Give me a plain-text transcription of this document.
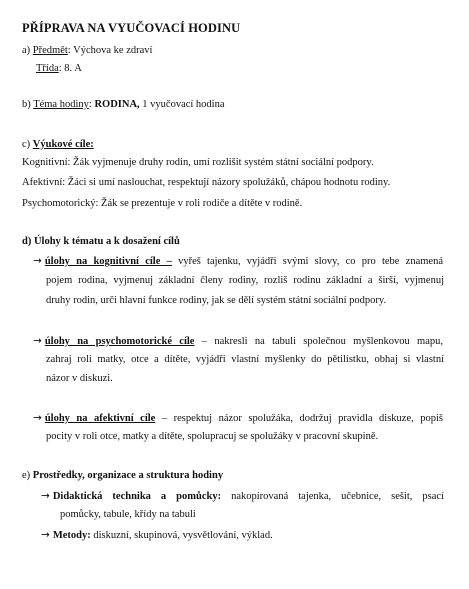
PŘÍPRAVA NA VYUČOVACÍ HODINU
a) Předmět: Výchova ke zdraví
Třída: 8. A
b) Téma hodiny: RODINA, 1 vyučovací hodina
c) Výukové cíle:
Kognitivní: Žák vyjmenuje druhy rodin, umí rozlišit systém státní sociální podpory.
Afektivní: Žáci si umí naslouchat, respektují názory spolužáků, chápou hodnotu rodiny.
Psychomotorický: Žák se prezentuje v roli rodiče a dítěte v rodině.
d) Úlohy k tématu a k dosažení cílů
→ úlohy na kognitivní cíle – vyřeš tajenku, vyjádři svými slovy, co pro tebe znamená
pojem rodina, vyjmenuj základní členy rodiny, rozliš rodinu základní a širší, vyjmenuj
druhy rodin, urči hlavní funkce rodiny, jak se dělí systém státní sociální podpory.
→ úlohy na psychomotorické cíle – nakresli na tabuli společnou myšlenkovou mapu,
zahraj roli matky, otce a dítěte, vyjádři vlastní myšlenky do pětilístku, obhaj si vlastní
názor v diskuzi.
→ úlohy na afektivní cíle – respektuj názor spolužáka, dodržuj pravidla diskuze, popiš
pocity v roli otce, matky a dítěte, spolupracuj se spolužáky v pracovní skupině.
e) Prostředky, organizace a struktura hodiny
→ Didaktická technika a pomůcky: nakopírovaná tajenka, učebnice, sešit, psací
pomůcky, tabule, křídy na tabuli
→ Metody: diskuzní, skupinová, vysvětlování, výklad.
